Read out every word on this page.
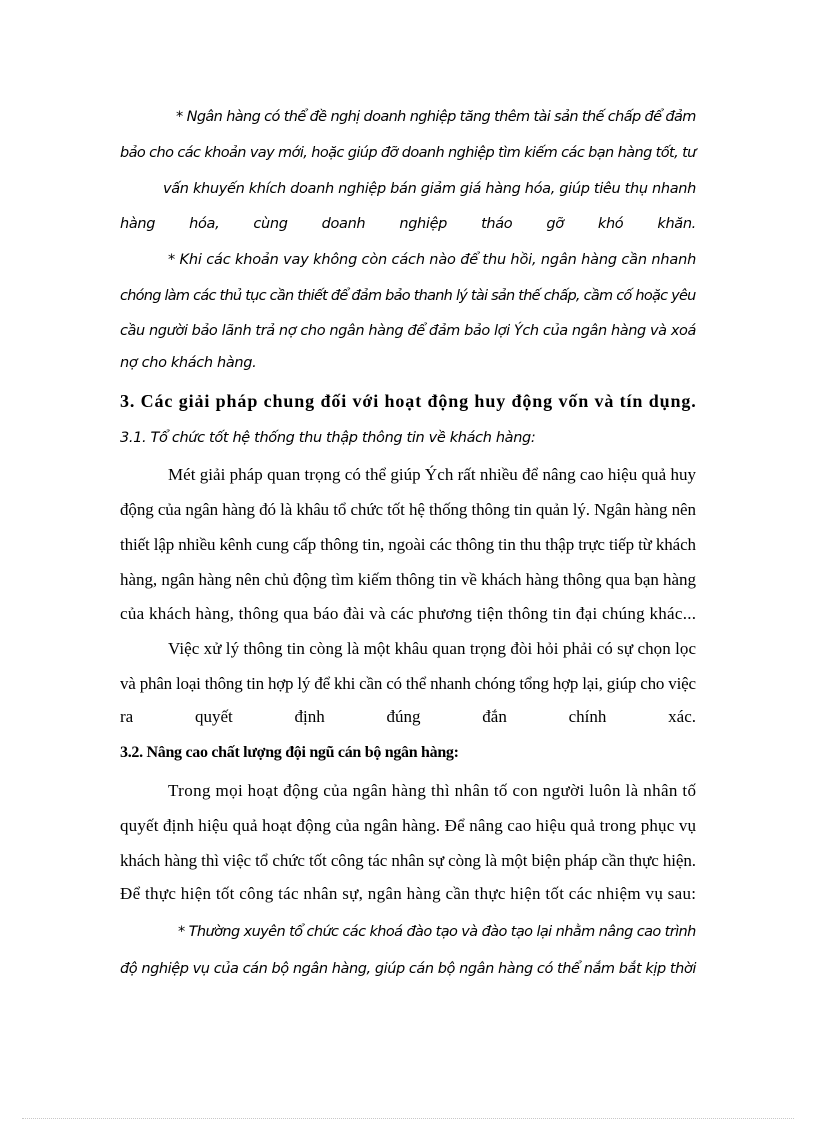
* Ngân hàng có thể đề nghị doanh nghiệp tăng thêm tài sản thế chấp để đảm
bảo cho các khoản vay mới, hoặc giúp đỡ doanh nghiệp tìm kiếm các bạn hàng tốt, tư
vấn khuyến khích doanh nghiệp bán giảm giá hàng hóa, giúp tiêu thụ nhanh
hàng hóa, cùng doanh nghiệp tháo gỡ khó khăn.
* Khi các khoản vay không còn cách nào để thu hồi, ngân hàng cần nhanh
chóng làm các thủ tục cần thiết để đảm bảo thanh lý tài sản thế chấp, cầm cố hoặc yêu
cầu người bảo lãnh trả nợ cho ngân hàng để đảm bảo lợi Ých của ngân hàng và xoá
nợ cho khách hàng.
3. Các giải pháp chung đối với hoạt động huy động vốn và tín dụng.
3.1. Tổ chức tốt hệ thống thu thập thông tin về khách hàng:
Mét giải pháp quan trọng có thể giúp Ých rất nhiều để nâng cao hiệu quả huy
động của ngân hàng đó là khâu tổ chức tốt hệ thống thông tin quản lý. Ngân hàng nên
thiết lập nhiều kênh cung cấp thông tin, ngoài các thông tin thu thập trực tiếp từ khách
hàng, ngân hàng nên chủ động tìm kiếm thông tin về khách hàng thông qua bạn hàng
của khách hàng, thông qua báo đài và các phương tiện thông tin đại chúng khác...
Việc xử lý thông tin còng là một khâu quan trọng đòi hỏi phải có sự chọn lọc
và phân loại thông tin hợp lý để khi cần có thể nhanh chóng tổng hợp lại, giúp cho việc
ra	quyết	định	đúng	đắn	chính	xác.
3.2. Nâng cao chất lượng đội ngũ cán bộ ngân hàng:
Trong mọi hoạt động của ngân hàng thì nhân tố con người luôn là nhân tố
quyết định hiệu quả hoạt động của ngân hàng. Để nâng cao hiệu quả trong phục vụ
khách hàng thì việc tổ chức tốt công tác nhân sự còng là một biện pháp cần thực hiện.
Để thực hiện tốt công tác nhân sự, ngân hàng cần thực hiện tốt các nhiệm vụ sau:
* Thường xuyên tổ chức các khoá đào tạo và đào tạo lại nhằm nâng cao trình
độ nghiệp vụ của cán bộ ngân hàng, giúp cán bộ ngân hàng có thể nắm bắt kịp thời
